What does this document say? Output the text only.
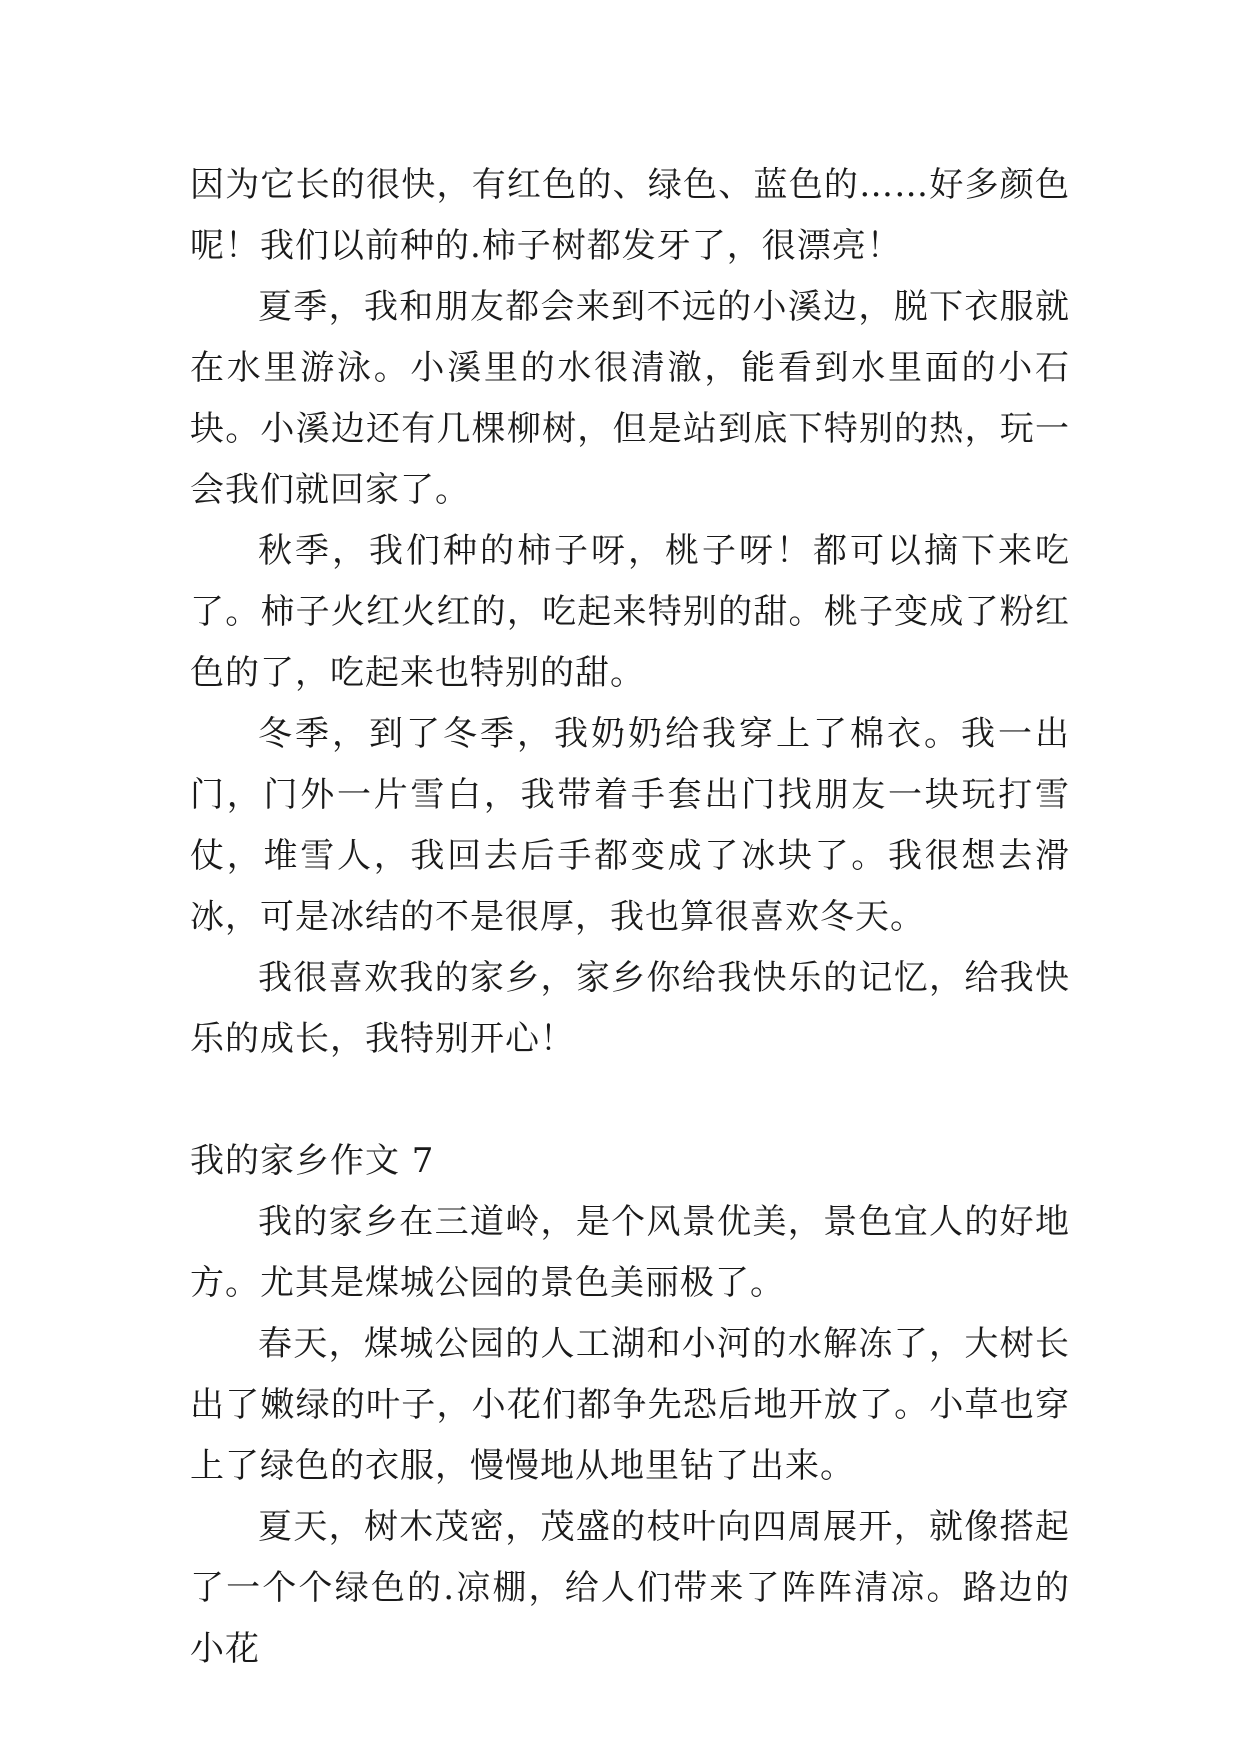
因为它长的很快，有红色的、绿色、蓝色的……好多颜色呢！我们以前种的.柿子树都发牙了，很漂亮！

夏季，我和朋友都会来到不远的小溪边，脱下衣服就在水里游泳。小溪里的水很清澈，能看到水里面的小石块。小溪边还有几棵柳树，但是站到底下特别的热，玩一会我们就回家了。

秋季，我们种的柿子呀，桃子呀！都可以摘下来吃了。柿子火红火红的，吃起来特别的甜。桃子变成了粉红色的了，吃起来也特别的甜。

冬季，到了冬季，我奶奶给我穿上了棉衣。我一出门，门外一片雪白，我带着手套出门找朋友一块玩打雪仗，堆雪人，我回去后手都变成了冰块了。我很想去滑冰，可是冰结的不是很厚，我也算很喜欢冬天。

我很喜欢我的家乡，家乡你给我快乐的记忆，给我快乐的成长，我特别开心！

我的家乡作文 7

我的家乡在三道岭，是个风景优美，景色宜人的好地方。尤其是煤城公园的景色美丽极了。

春天，煤城公园的人工湖和小河的水解冻了，大树长出了嫩绿的叶子，小花们都争先恐后地开放了。小草也穿上了绿色的衣服，慢慢地从地里钻了出来。

夏天，树木茂密，茂盛的枝叶向四周展开，就像搭起了一个个绿色的.凉棚，给人们带来了阵阵清凉。路边的小花
